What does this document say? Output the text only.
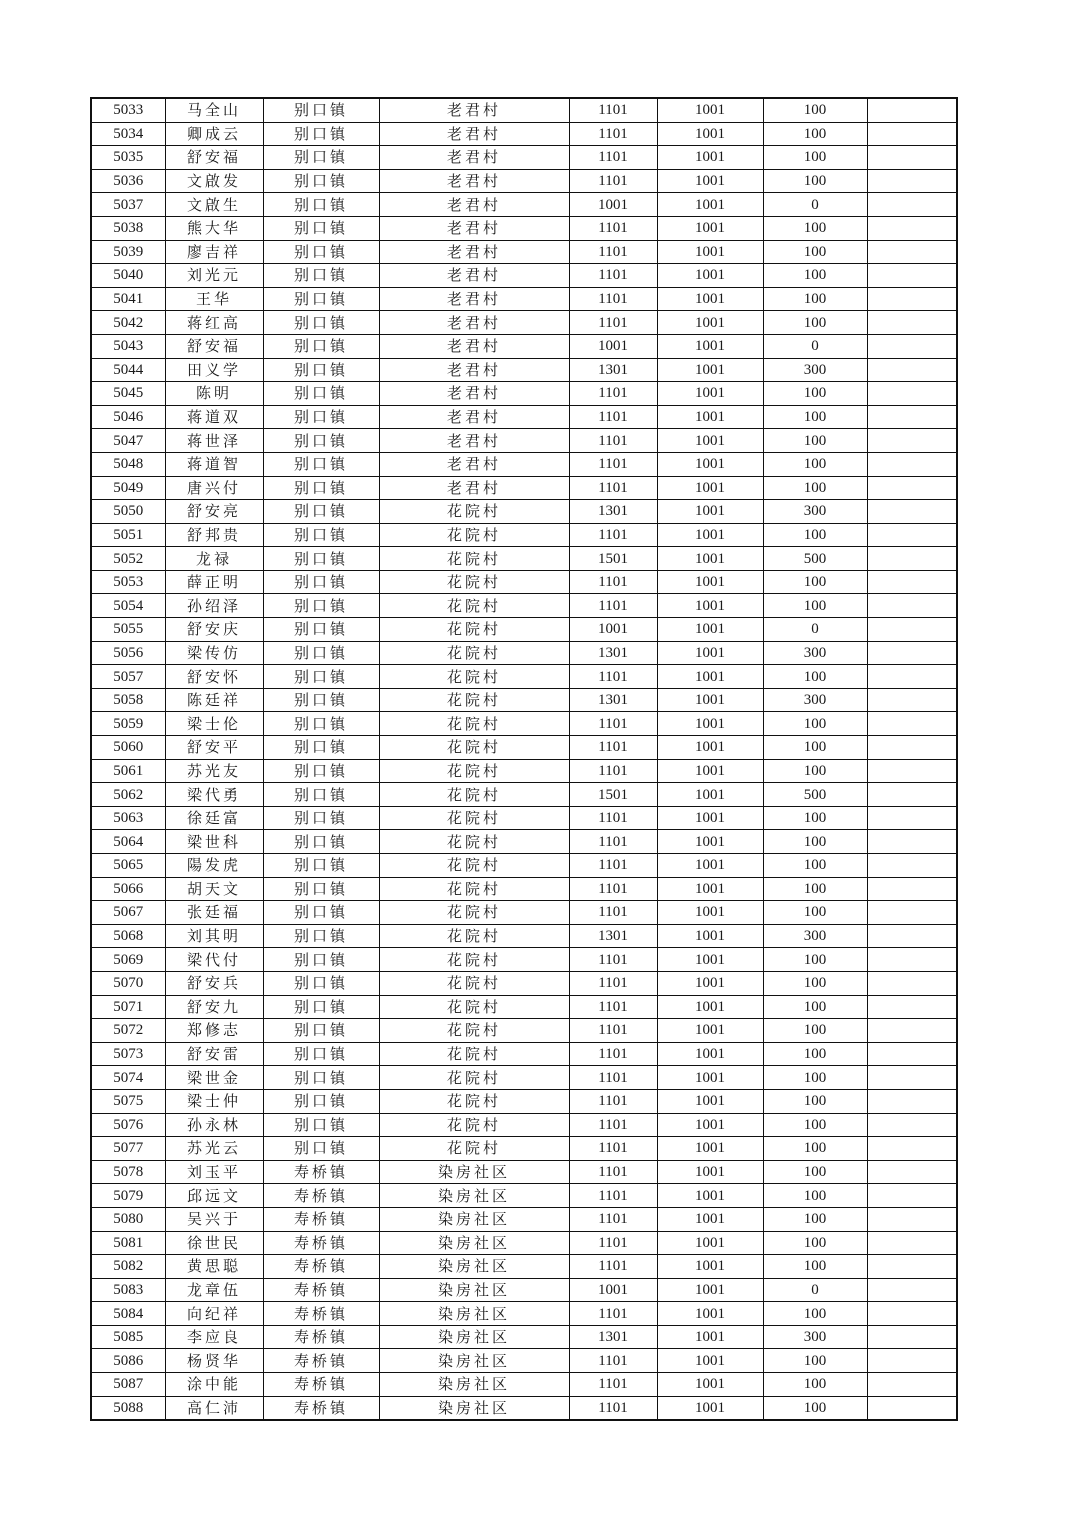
5033	马全山	别口镇	老君村	1101	1001	100	
5034	卿成云	别口镇	老君村	1101	1001	100	
5035	舒安福	别口镇	老君村	1101	1001	100	
5036	文啟发	别口镇	老君村	1101	1001	100	
5037	文啟生	别口镇	老君村	1001	1001	0	
5038	熊大华	别口镇	老君村	1101	1001	100	
5039	廖吉祥	别口镇	老君村	1101	1001	100	
5040	刘光元	别口镇	老君村	1101	1001	100	
5041	王华	别口镇	老君村	1101	1001	100	
5042	蒋红高	别口镇	老君村	1101	1001	100	
5043	舒安福	别口镇	老君村	1001	1001	0	
5044	田义学	别口镇	老君村	1301	1001	300	
5045	陈明	别口镇	老君村	1101	1001	100	
5046	蒋道双	别口镇	老君村	1101	1001	100	
5047	蒋世泽	别口镇	老君村	1101	1001	100	
5048	蒋道智	别口镇	老君村	1101	1001	100	
5049	唐兴付	别口镇	老君村	1101	1001	100	
5050	舒安亮	别口镇	花院村	1301	1001	300	
5051	舒邦贵	别口镇	花院村	1101	1001	100	
5052	龙禄	别口镇	花院村	1501	1001	500	
5053	薛正明	别口镇	花院村	1101	1001	100	
5054	孙绍泽	别口镇	花院村	1101	1001	100	
5055	舒安庆	别口镇	花院村	1001	1001	0	
5056	梁传仿	别口镇	花院村	1301	1001	300	
5057	舒安怀	别口镇	花院村	1101	1001	100	
5058	陈廷祥	别口镇	花院村	1301	1001	300	
5059	梁士伦	别口镇	花院村	1101	1001	100	
5060	舒安平	别口镇	花院村	1101	1001	100	
5061	苏光友	别口镇	花院村	1101	1001	100	
5062	梁代勇	别口镇	花院村	1501	1001	500	
5063	徐廷富	别口镇	花院村	1101	1001	100	
5064	梁世科	别口镇	花院村	1101	1001	100	
5065	陽发虎	别口镇	花院村	1101	1001	100	
5066	胡天文	别口镇	花院村	1101	1001	100	
5067	张廷福	别口镇	花院村	1101	1001	100	
5068	刘其明	别口镇	花院村	1301	1001	300	
5069	梁代付	别口镇	花院村	1101	1001	100	
5070	舒安兵	别口镇	花院村	1101	1001	100	
5071	舒安九	别口镇	花院村	1101	1001	100	
5072	郑修志	别口镇	花院村	1101	1001	100	
5073	舒安雷	别口镇	花院村	1101	1001	100	
5074	梁世金	别口镇	花院村	1101	1001	100	
5075	梁士仲	别口镇	花院村	1101	1001	100	
5076	孙永林	别口镇	花院村	1101	1001	100	
5077	苏光云	别口镇	花院村	1101	1001	100	
5078	刘玉平	寿桥镇	染房社区	1101	1001	100	
5079	邱远文	寿桥镇	染房社区	1101	1001	100	
5080	吴兴于	寿桥镇	染房社区	1101	1001	100	
5081	徐世民	寿桥镇	染房社区	1101	1001	100	
5082	黄思聪	寿桥镇	染房社区	1101	1001	100	
5083	龙章伍	寿桥镇	染房社区	1001	1001	0	
5084	向纪祥	寿桥镇	染房社区	1101	1001	100	
5085	李应良	寿桥镇	染房社区	1301	1001	300	
5086	杨贤华	寿桥镇	染房社区	1101	1001	100	
5087	涂中能	寿桥镇	染房社区	1101	1001	100	
5088	高仁沛	寿桥镇	染房社区	1101	1001	100	
